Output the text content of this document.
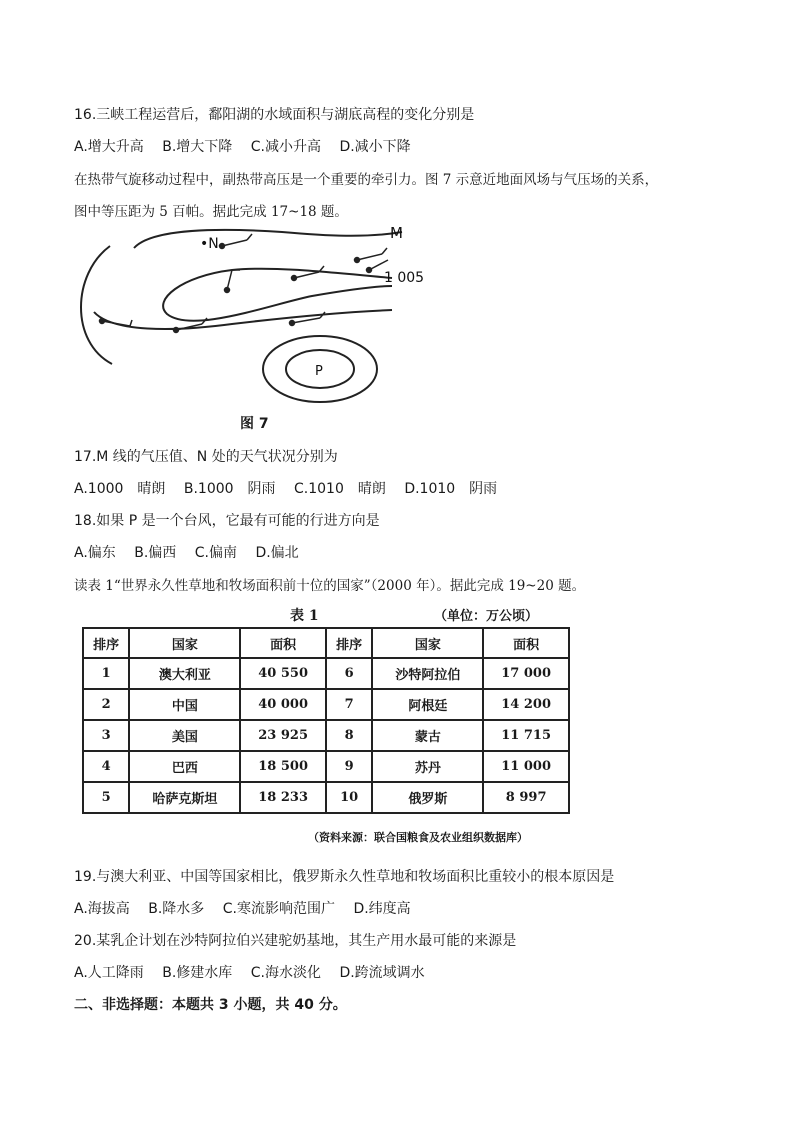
16.三峡工程运营后，鄱阳湖的水域面积与湖底高程的变化分别是
A.增大升高 B.增大下降 C.减小升高 D.减小下降
在热带气旋移动过程中，副热带高压是一个重要的牵引力。图 7 示意近地面风场与气压场的关系，
图中等压距为 5 百帕。据此完成 17~18 题。
•N
M
1 005
P
图 7
17.M 线的气压值、N 处的天气状况分别为
A.1000　晴朗 B.1000　阴雨 C.1010　晴朗 D.1010　阴雨
18.如果 P 是一个台风，它最有可能的行进方向是
A.偏东 B.偏西 C.偏南 D.偏北
读表 1“世界永久性草地和牧场面积前十位的国家”（2000 年）。据此完成 19~20 题。
表 1	（单位：万公顷）
排序	国家	面积	排序	国家	面积
1	澳大利亚	40 550	6	沙特阿拉伯	17 000
2	中国	40 000	7	阿根廷	14 200
3	美国	23 925	8	蒙古	11 715
4	巴西	18 500	9	苏丹	11 000
5	哈萨克斯坦	18 233	10	俄罗斯	8 997
（资料来源：联合国粮食及农业组织数据库）
19.与澳大利亚、中国等国家相比，俄罗斯永久性草地和牧场面积比重较小的根本原因是
A.海拔高 B.降水多 C.寒流影响范围广 D.纬度高
20.某乳企计划在沙特阿拉伯兴建驼奶基地，其生产用水最可能的来源是
A.人工降雨 B.修建水库 C.海水淡化 D.跨流域调水
二、非选择题：本题共 3 小题，共 40 分。
